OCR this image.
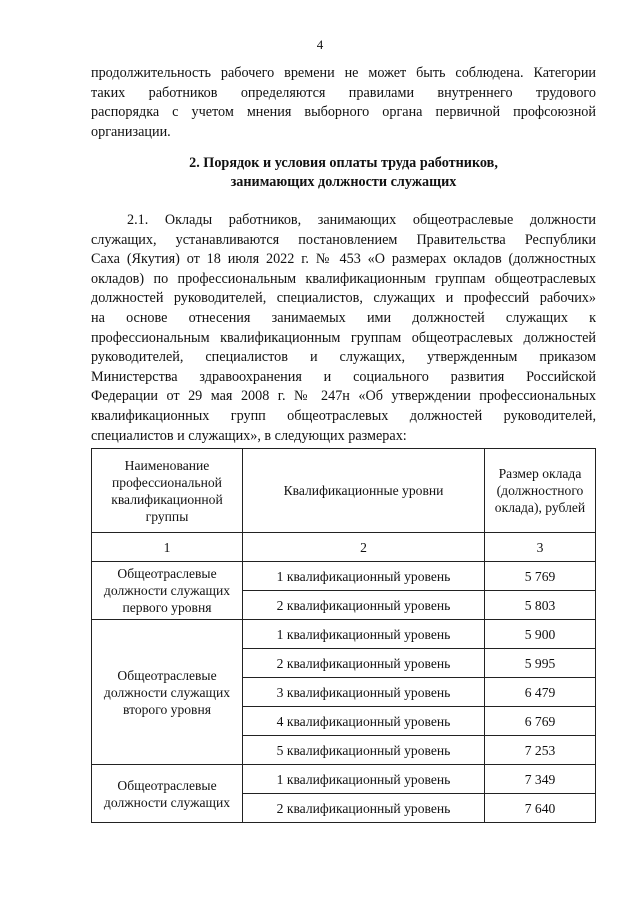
4
продолжительность рабочего времени не может быть соблюдена. Категории
таких работников определяются правилами внутреннего трудового
распорядка с учетом мнения выборного органа первичной профсоюзной
организации.
2. Порядок и условия оплаты труда работников,
занимающих должности служащих
2.1. Оклады работников, занимающих общеотраслевые должности
служащих, устанавливаются постановлением Правительства Республики
Саха (Якутия) от 18 июля 2022 г. № 453 «О размерах окладов (должностных
окладов) по профессиональным квалификационным группам общеотраслевых
должностей руководителей, специалистов, служащих и профессий рабочих»
на основе отнесения занимаемых ими должностей служащих к
профессиональным квалификационным группам общеотраслевых должностей
руководителей, специалистов и служащих, утвержденным приказом
Министерства здравоохранения и социального развития Российской
Федерации от 29 мая 2008 г. № 247н «Об утверждении профессиональных
квалификационных групп общеотраслевых должностей руководителей,
специалистов и служащих», в следующих размерах:
Наименование профессиональной квалификационной группы	Квалификационные уровни	Размер оклада (должностного оклада), рублей
1	2	3
Общеотраслевые должности служащих первого уровня	1 квалификационный уровень	5 769
	2 квалификационный уровень	5 803
Общеотраслевые должности служащих второго уровня	1 квалификационный уровень	5 900
	2 квалификационный уровень	5 995
	3 квалификационный уровень	6 479
	4 квалификационный уровень	6 769
	5 квалификационный уровень	7 253
Общеотраслевые должности служащих	1 квалификационный уровень	7 349
	2 квалификационный уровень	7 640
